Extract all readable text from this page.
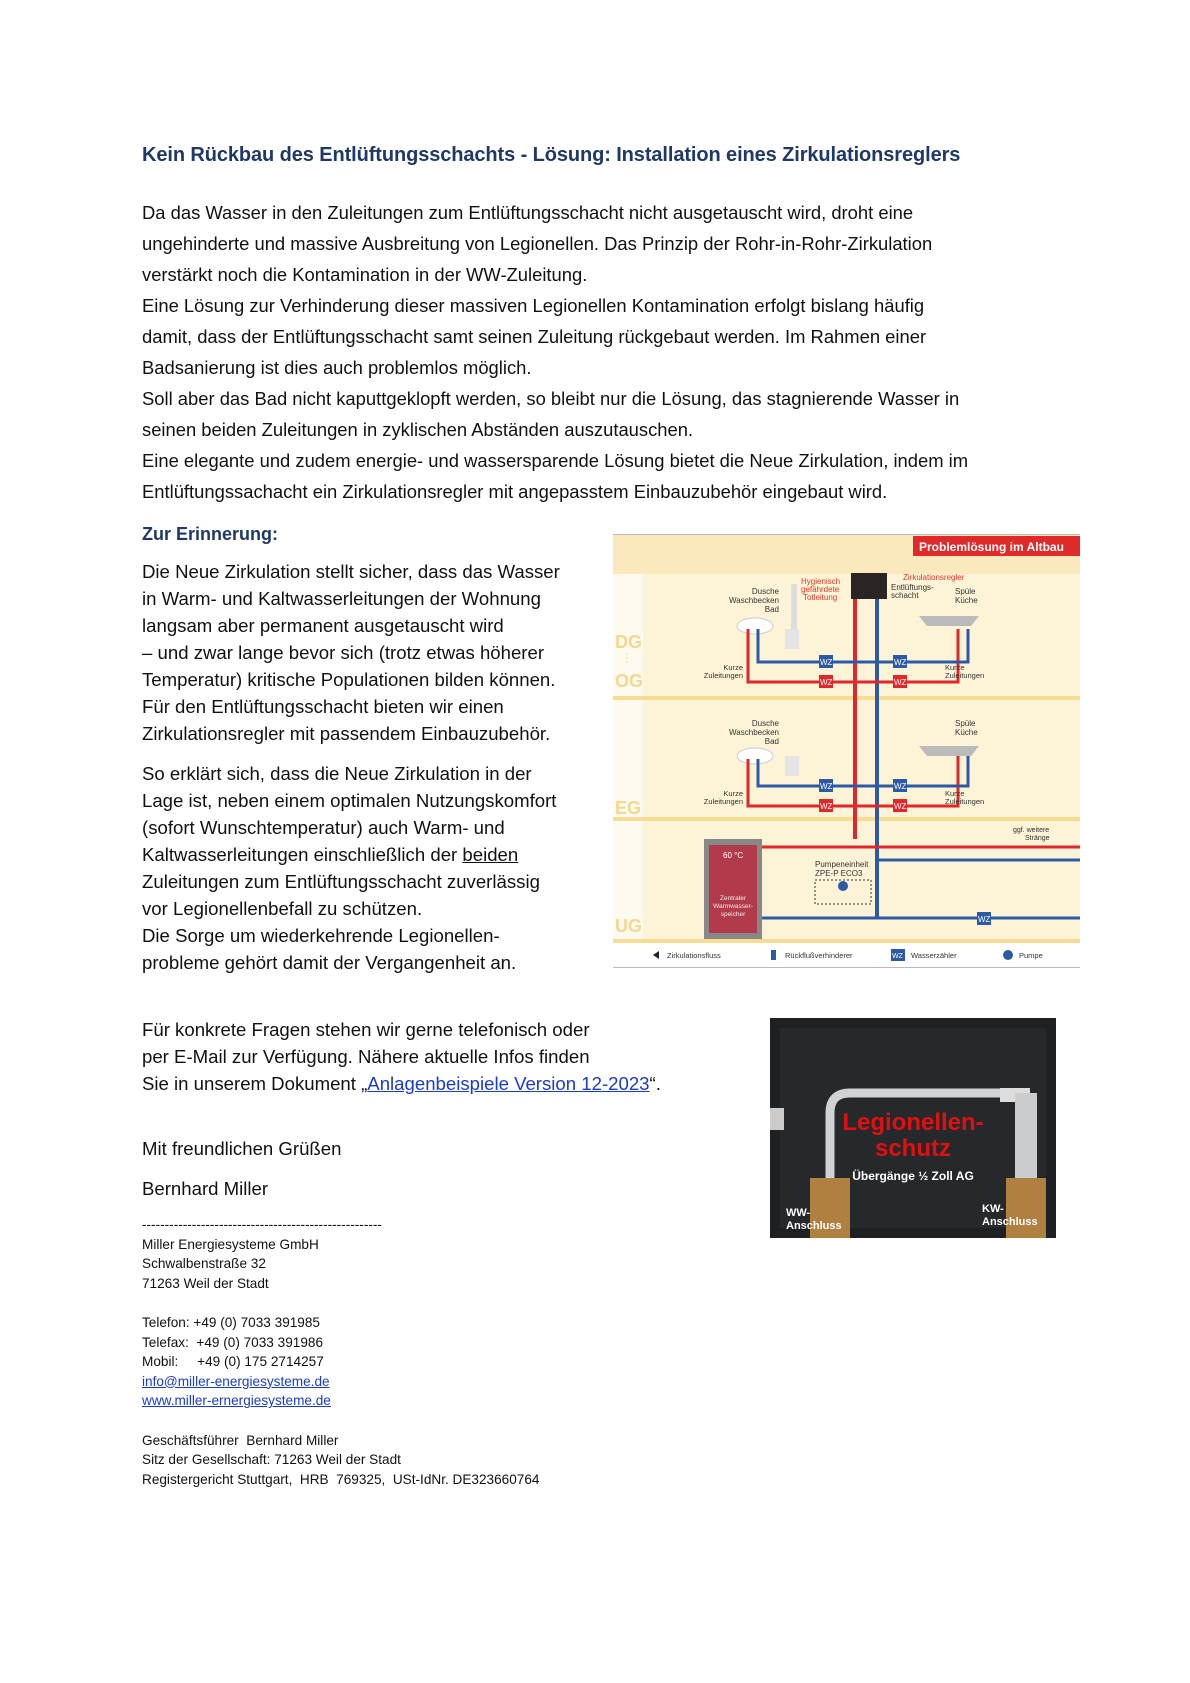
Kein Rückbau des Entlüftungsschachts - Lösung: Installation eines Zirkulationsreglers

Da das Wasser in den Zuleitungen zum Entlüftungsschacht nicht ausgetauscht wird, droht eine

ungehinderte und massive Ausbreitung von Legionellen. Das Prinzip der Rohr-in-Rohr-Zirkulation

verstärkt noch die Kontamination in der WW-Zuleitung.

Eine Lösung zur Verhinderung dieser massiven Legionellen Kontamination erfolgt bislang häufig

damit, dass der Entlüftungsschacht samt seinen Zuleitung rückgebaut werden. Im Rahmen einer

Badsanierung ist dies auch problemlos möglich.

Soll aber das Bad nicht kaputtgeklopft werden, so bleibt nur die Lösung, das stagnierende Wasser in

seinen beiden Zuleitungen in zyklischen Abständen auszutauschen.

Eine elegante und zudem energie- und wassersparende Lösung bietet die Neue Zirkulation, indem im

Entlüftungssachacht ein Zirkulationsregler mit angepasstem Einbauzubehör eingebaut wird.

Zur Erinnerung:

Die Neue Zirkulation stellt sicher, dass das Wasser

in Warm- und Kaltwasserleitungen der Wohnung

langsam aber permanent ausgetauscht wird

– und zwar lange bevor sich (trotz etwas höherer

Temperatur) kritische Populationen bilden können.

Für den Entlüftungsschacht bieten wir einen

Zirkulationsregler mit passendem Einbauzubehör.

So erklärt sich, dass die Neue Zirkulation in der

Lage ist, neben einem optimalen Nutzungskomfort

(sofort Wunschtemperatur) auch Warm- und

Kaltwasserleitungen einschließlich der beiden

Zuleitungen zum Entlüftungsschacht zuverlässig

vor Legionellenbefall zu schützen.

Die Sorge um wiederkehrende Legionellen-

probleme gehört damit der Vergangenheit an.

Problemlösung im Altbau
DG
⋮
OG
EG
UG
Dusche
Waschbecken
Bad
Hygienisch
gefährdete
Totleitung
Zirkulationsregler
Entlüftungs-
schacht	Spüle
Küche
WZ
WZ
WZ
WZ
Kurze
Zuleitungen
Kurze
Zuleitungen
Dusche
Waschbecken
Bad
Spüle
Küche
WZ
WZ
WZ
WZ
Kurze
Zuleitungen
Kurze
Zuleitungen
ggf. weitere
Stränge
60 °C
Zentraler
Warmwasser-
speicher
Pumpeneinheit
ZPE-P ECO3
WZ
Zirkulationsfluss	Rückflußverhinderer	WZ Wasserzähler	Pumpe

Für konkrete Fragen stehen wir gerne telefonisch oder

per E-Mail zur Verfügung. Nähere aktuelle Infos finden

Sie in unserem Dokument „Anlagenbeispiele Version 12-2023“.

Legionellen-
schutz
Übergänge ½ Zoll AG
WW-
Anschluss
KW-
Anschluss
Mit freundlichen Grüßen
Bernhard Miller

-----------------------------------------------------

Miller Energiesysteme GmbH

Schwalbenstraße 32

71263 Weil der Stadt

Telefon: +49 (0) 7033 391985

Telefax:  +49 (0) 7033 391986

Mobil:     +49 (0) 175 2714257

info@miller-energiesysteme.de

www.miller-ernergiesysteme.de

Geschäftsführer  Bernhard Miller

Sitz der Gesellschaft: 71263 Weil der Stadt

Registergericht Stuttgart,  HRB  769325,  USt-IdNr. DE323660764
